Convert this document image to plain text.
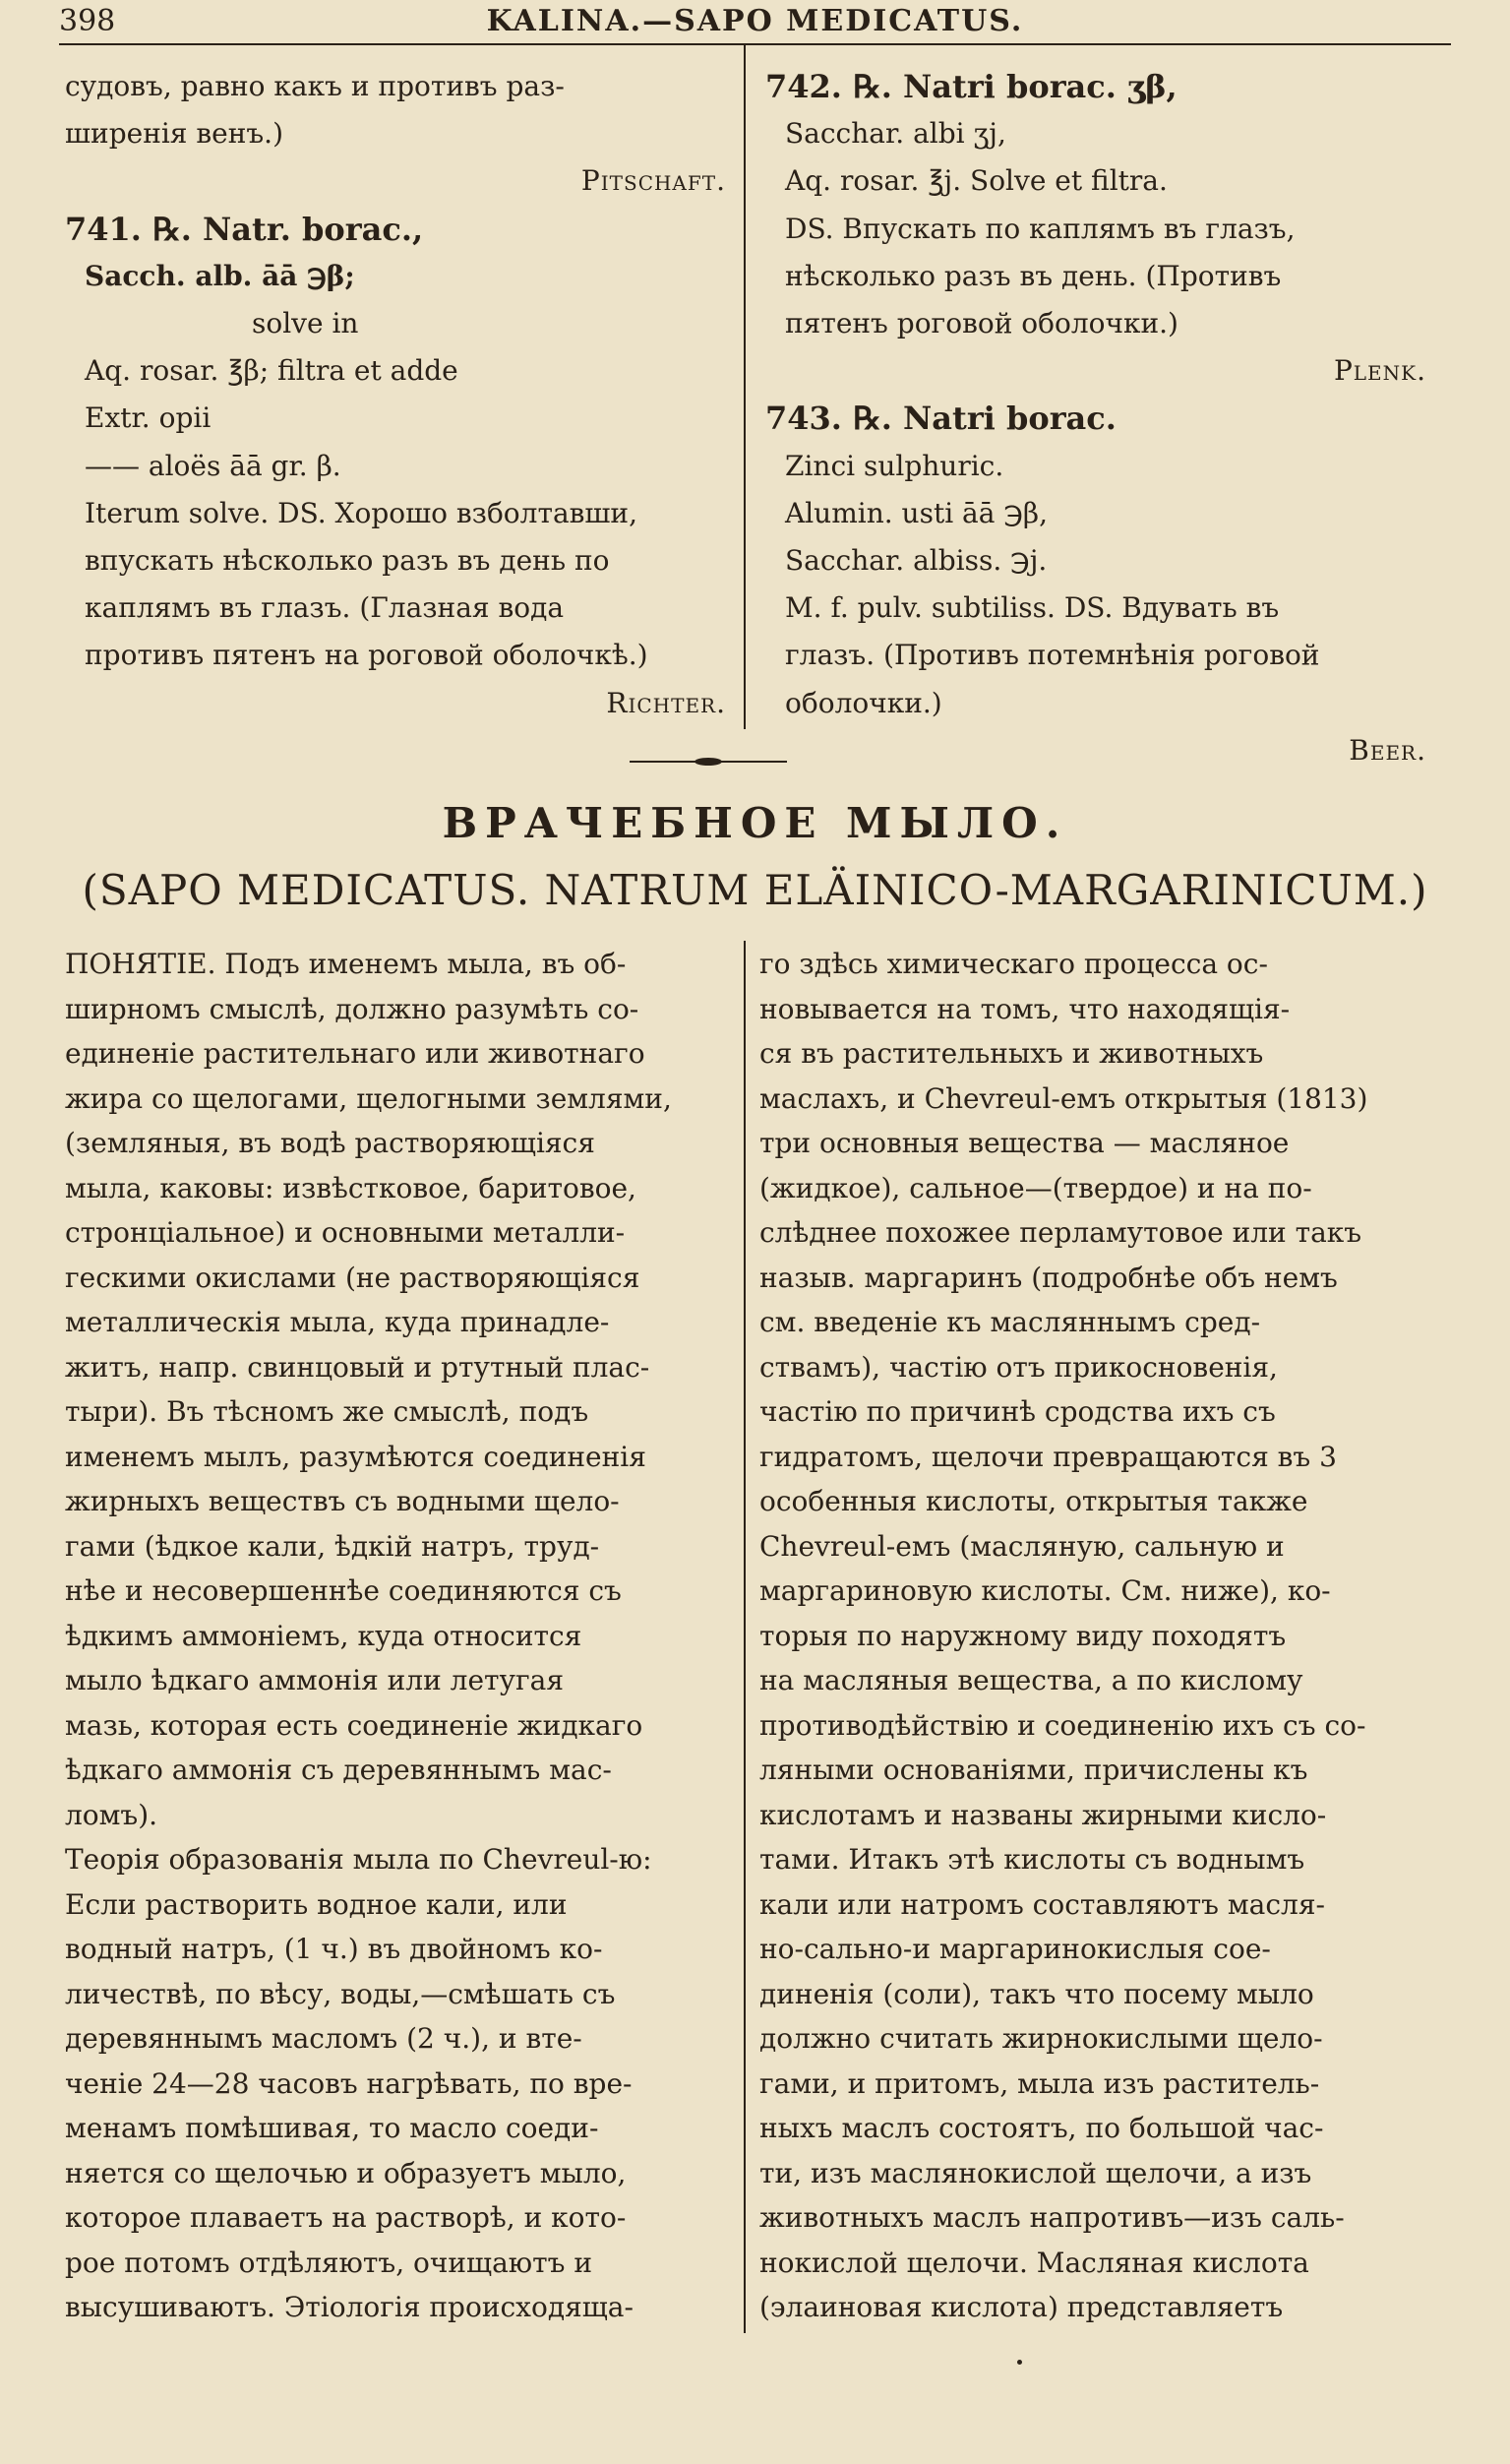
398	KALINA.—SAPO MEDICATUS.

судовъ, равно какъ и противъ раз-

ширенія венъ.)

Pitschaft.

741. ℞. Natr. borac.,

Sacch. alb. āā ℈β;

solve in

Aq. rosar. ℥β; filtra et adde

Extr. opii

—— aloës āā gr. β.

Iterum solve. DS. Хорошо взболтавши,

впускать нѣсколько разъ въ день по

каплямъ въ глазъ. (Глазная вода

противъ пятенъ на роговой оболочкѣ.)

Richter.

742. ℞. Natri borac. ʒβ,

Sacchar. albi ʒj,

Aq. rosar. ℥j. Solve et filtra.

DS. Впускать по каплямъ въ глазъ,

нѣсколько разъ въ день. (Противъ

пятенъ роговой оболочки.)

Plenk.

743. ℞. Natri borac.

Zinci sulphuric.

Alumin. usti āā ℈β,

Sacchar. albiss. ℈j.

M. f. pulv. subtiliss. DS. Вдувать въ

глазъ. (Противъ потемнѣнія роговой

оболочки.)

Beer.

ВРАЧЕБНОЕ МЫЛО.
(SAPO MEDICATUS. NATRUM ELÄINICO-MARGARINICUM.)

ПОНЯТІЕ. Подъ именемъ мыла, въ об-

ширномъ смыслѣ, должно разумѣть со-

единеніе растительнаго или животнаго

жира со щелогами, щелогными землями,

(земляныя, въ водѣ растворяющіяся

мыла, каковы: извѣстковое, баритовое,

стронціальное) и основными металли-

гескими окислами (не растворяющіяся

металлическія мыла, куда принадле-

житъ, напр. свинцовый и ртутный плас-

тыри). Въ тѣсномъ же смыслѣ, подъ

именемъ мылъ, разумѣются соединенія

жирныхъ веществъ съ водными щело-

гами (ѣдкое кали, ѣдкій натръ, труд-

нѣе и несовершеннѣе соединяются съ

ѣдкимъ аммоніемъ, куда относится

мыло ѣдкаго аммонія или летугая

мазь, которая есть соединеніе жидкаго

ѣдкаго аммонія съ деревяннымъ мас-

ломъ).

Теорія образованія мыла по Chevreul-ю:

Если растворить водное кали, или

водный натръ, (1 ч.) въ двойномъ ко-

личествѣ, по вѣсу, воды,—смѣшать съ

деревяннымъ масломъ (2 ч.), и вте-

ченіе 24—28 часовъ нагрѣвать, по вре-

менамъ помѣшивая, то масло соеди-

няется со щелочью и образуетъ мыло,

которое плаваетъ на растворѣ, и кото-

рое потомъ отдѣляютъ, очищаютъ и

высушиваютъ. Этіологія происходяща-

го здѣсь химическаго процесса ос-

новывается на томъ, что находящія-

ся въ растительныхъ и животныхъ

маслахъ, и Chevreul-емъ открытыя (1813)

три основныя вещества — масляное

(жидкое), сальное—(твердое) и на по-

слѣднее похожее перламутовое или такъ

назыв. маргаринъ (подробнѣе объ немъ

см. введеніе къ масляннымъ сред-

ствамъ), частію отъ прикосновенія,

частію по причинѣ сродства ихъ съ

гидратомъ, щелочи превращаются въ 3

особенныя кислоты, открытыя также

Chevreul-емъ (масляную, сальную и

маргариновую кислоты. См. ниже), ко-

торыя по наружному виду походятъ

на масляныя вещества, а по кислому

противодѣйствію и соединенію ихъ съ со-

ляными основаніями, причислены къ

кислотамъ и названы жирными кисло-

тами. Итакъ этѣ кислоты съ воднымъ

кали или натромъ составляютъ масля-

но-сально-и маргаринокислыя сое-

диненія (соли), такъ что посему мыло

должно считать жирнокислыми щело-

гами, и притомъ, мыла изъ раститель-

ныхъ маслъ состоятъ, по большой час-

ти, изъ маслянокислой щелочи, а изъ

животныхъ маслъ напротивъ—изъ саль-

нокислой щелочи. Масляная кислота

(элаиновая кислота) представляетъ
